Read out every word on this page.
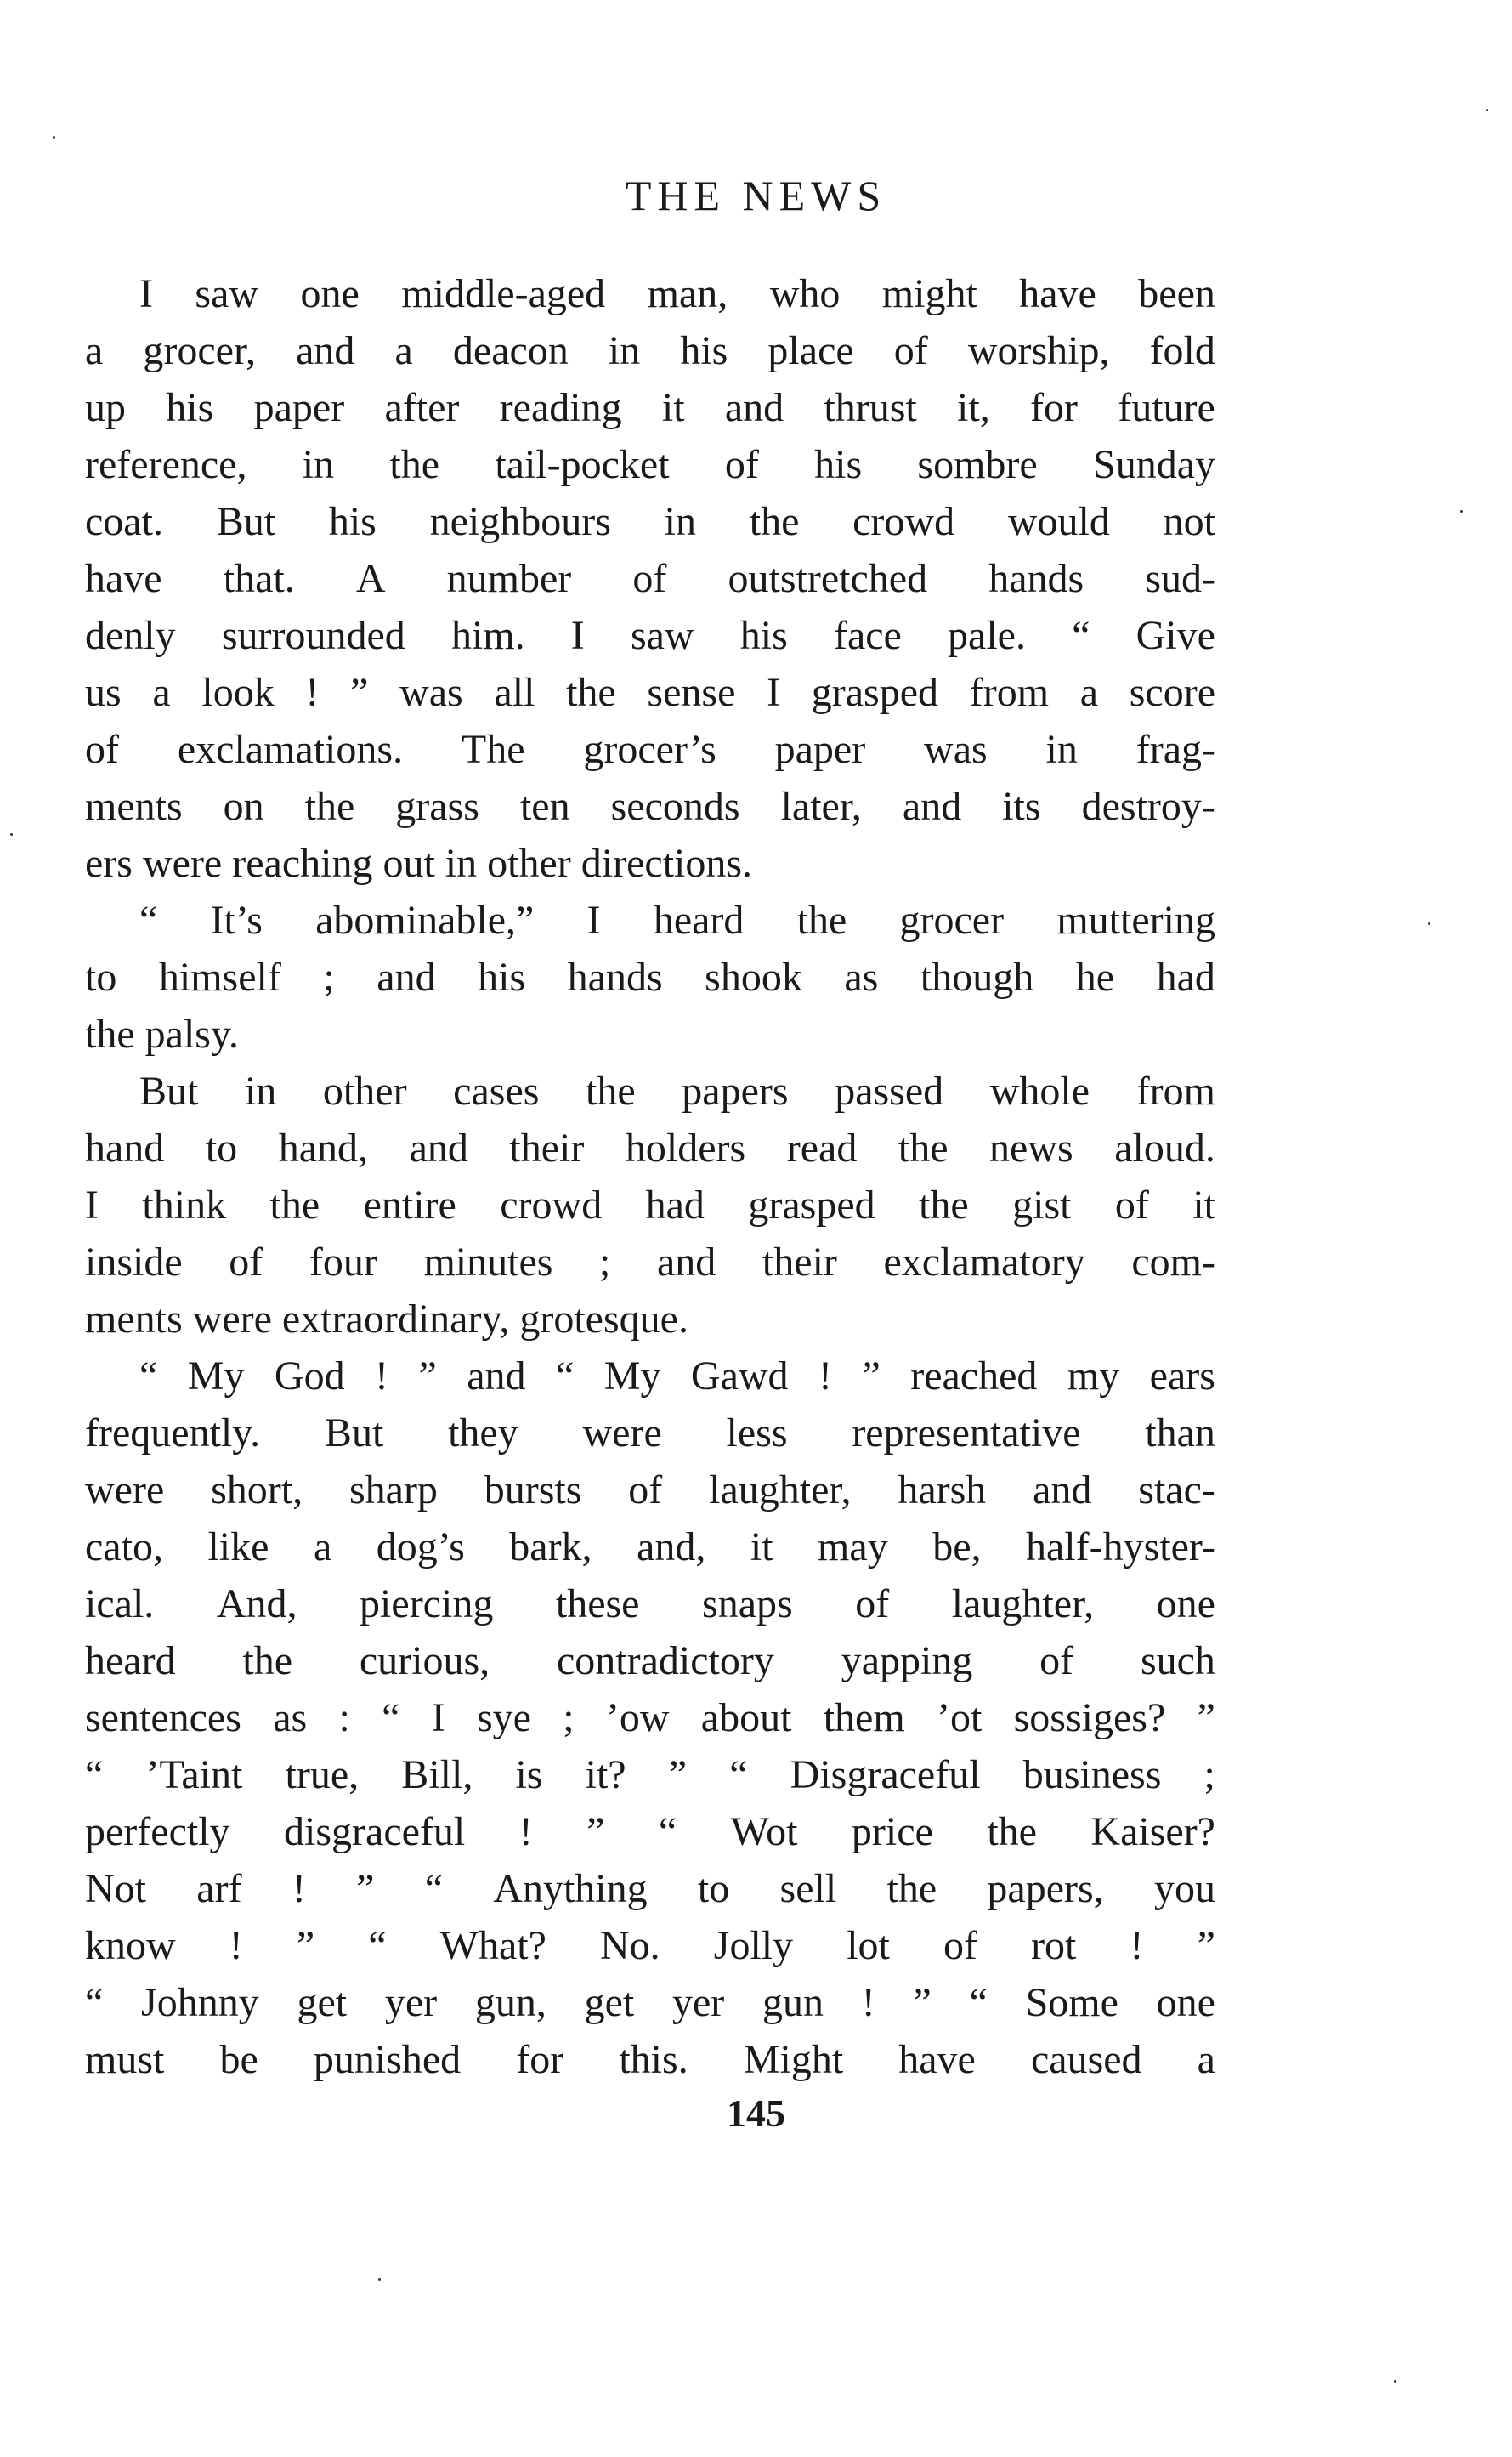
THE NEWS
I saw one middle-aged man, who might have been
a grocer, and a deacon in his place of worship, fold
up his paper after reading it and thrust it, for future
reference, in the tail-pocket of his sombre Sunday
coat. But his neighbours in the crowd would not
have that. A number of outstretched hands sud-
denly surrounded him. I saw his face pale. “ Give
us a look ! ” was all the sense I grasped from a score
of exclamations. The grocer’s paper was in frag-
ments on the grass ten seconds later, and its destroy-
ers were reaching out in other directions.
“ It’s abominable,” I heard the grocer muttering
to himself ; and his hands shook as though he had
the palsy.
But in other cases the papers passed whole from
hand to hand, and their holders read the news aloud.
I think the entire crowd had grasped the gist of it
inside of four minutes ; and their exclamatory com-
ments were extraordinary, grotesque.
“ My God ! ” and “ My Gawd ! ” reached my ears
frequently. But they were less representative than
were short, sharp bursts of laughter, harsh and stac-
cato, like a dog’s bark, and, it may be, half-hyster-
ical. And, piercing these snaps of laughter, one
heard the curious, contradictory yapping of such
sentences as : “ I sye ; ’ow about them ’ot sossiges? ”
“ ’Taint true, Bill, is it? ” “ Disgraceful business ;
perfectly disgraceful ! ” “ Wot price the Kaiser?
Not arf ! ” “ Anything to sell the papers, you
know ! ” “ What? No. Jolly lot of rot ! ”
“ Johnny get yer gun, get yer gun ! ” “ Some one
must be punished for this. Might have caused a
145
